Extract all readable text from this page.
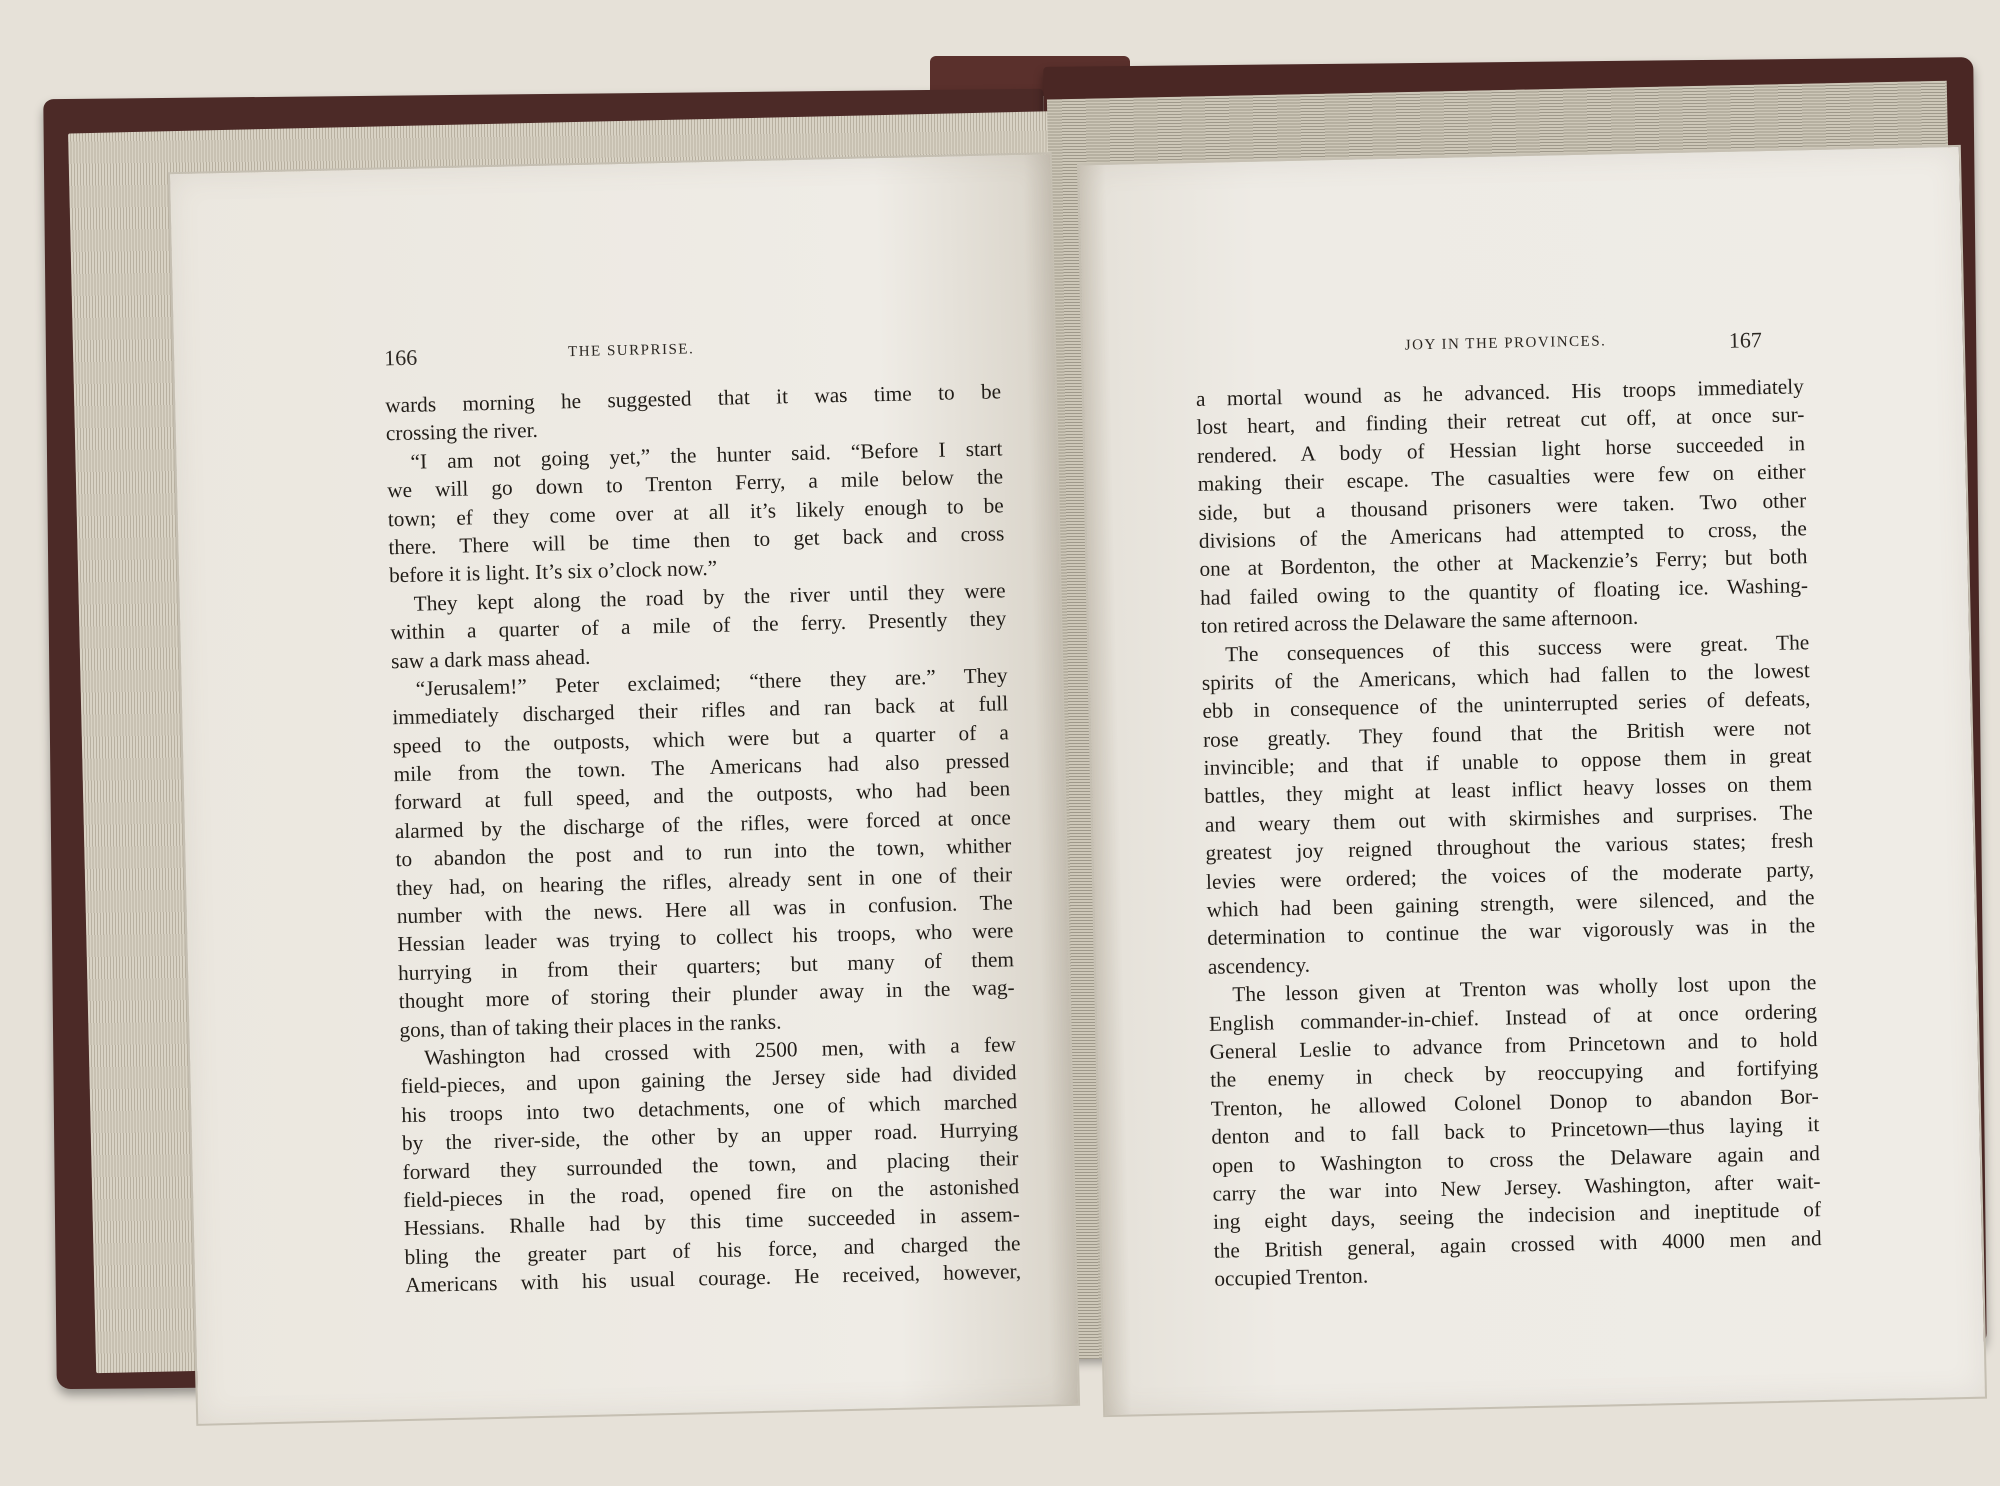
166	THE SURPRISE.
wards morning he suggested that it was time to be
crossing the river.
“I am not going yet,” the hunter said. “Before I start
we will go down to Trenton Ferry, a mile below the
town; ef they come over at all it’s likely enough to be
there. There will be time then to get back and cross
before it is light. It’s six o’clock now.”
They kept along the road by the river until they were
within a quarter of a mile of the ferry. Presently they
saw a dark mass ahead.
“Jerusalem!” Peter exclaimed; “there they are.” They
immediately discharged their rifles and ran back at full
speed to the outposts, which were but a quarter of a
mile from the town. The Americans had also pressed
forward at full speed, and the outposts, who had been
alarmed by the discharge of the rifles, were forced at once
to abandon the post and to run into the town, whither
they had, on hearing the rifles, already sent in one of their
number with the news. Here all was in confusion. The
Hessian leader was trying to collect his troops, who were
hurrying in from their quarters; but many of them
thought more of storing their plunder away in the wag-
gons, than of taking their places in the ranks.
Washington had crossed with 2500 men, with a few
field-pieces, and upon gaining the Jersey side had divided
his troops into two detachments, one of which marched
by the river-side, the other by an upper road. Hurrying
forward they surrounded the town, and placing their
field-pieces in the road, opened fire on the astonished
Hessians. Rhalle had by this time succeeded in assem-
bling the greater part of his force, and charged the
Americans with his usual courage. He received, however,
JOY IN THE PROVINCES.	167
a mortal wound as he advanced. His troops immediately
lost heart, and finding their retreat cut off, at once sur-
rendered. A body of Hessian light horse succeeded in
making their escape. The casualties were few on either
side, but a thousand prisoners were taken. Two other
divisions of the Americans had attempted to cross, the
one at Bordenton, the other at Mackenzie’s Ferry; but both
had failed owing to the quantity of floating ice. Washing-
ton retired across the Delaware the same afternoon.
The consequences of this success were great. The
spirits of the Americans, which had fallen to the lowest
ebb in consequence of the uninterrupted series of defeats,
rose greatly. They found that the British were not
invincible; and that if unable to oppose them in great
battles, they might at least inflict heavy losses on them
and weary them out with skirmishes and surprises. The
greatest joy reigned throughout the various states; fresh
levies were ordered; the voices of the moderate party,
which had been gaining strength, were silenced, and the
determination to continue the war vigorously was in the
ascendency.
The lesson given at Trenton was wholly lost upon the
English commander-in-chief. Instead of at once ordering
General Leslie to advance from Princetown and to hold
the enemy in check by reoccupying and fortifying
Trenton, he allowed Colonel Donop to abandon Bor-
denton and to fall back to Princetown—thus laying it
open to Washington to cross the Delaware again and
carry the war into New Jersey. Washington, after wait-
ing eight days, seeing the indecision and ineptitude of
the British general, again crossed with 4000 men and
occupied Trenton.
